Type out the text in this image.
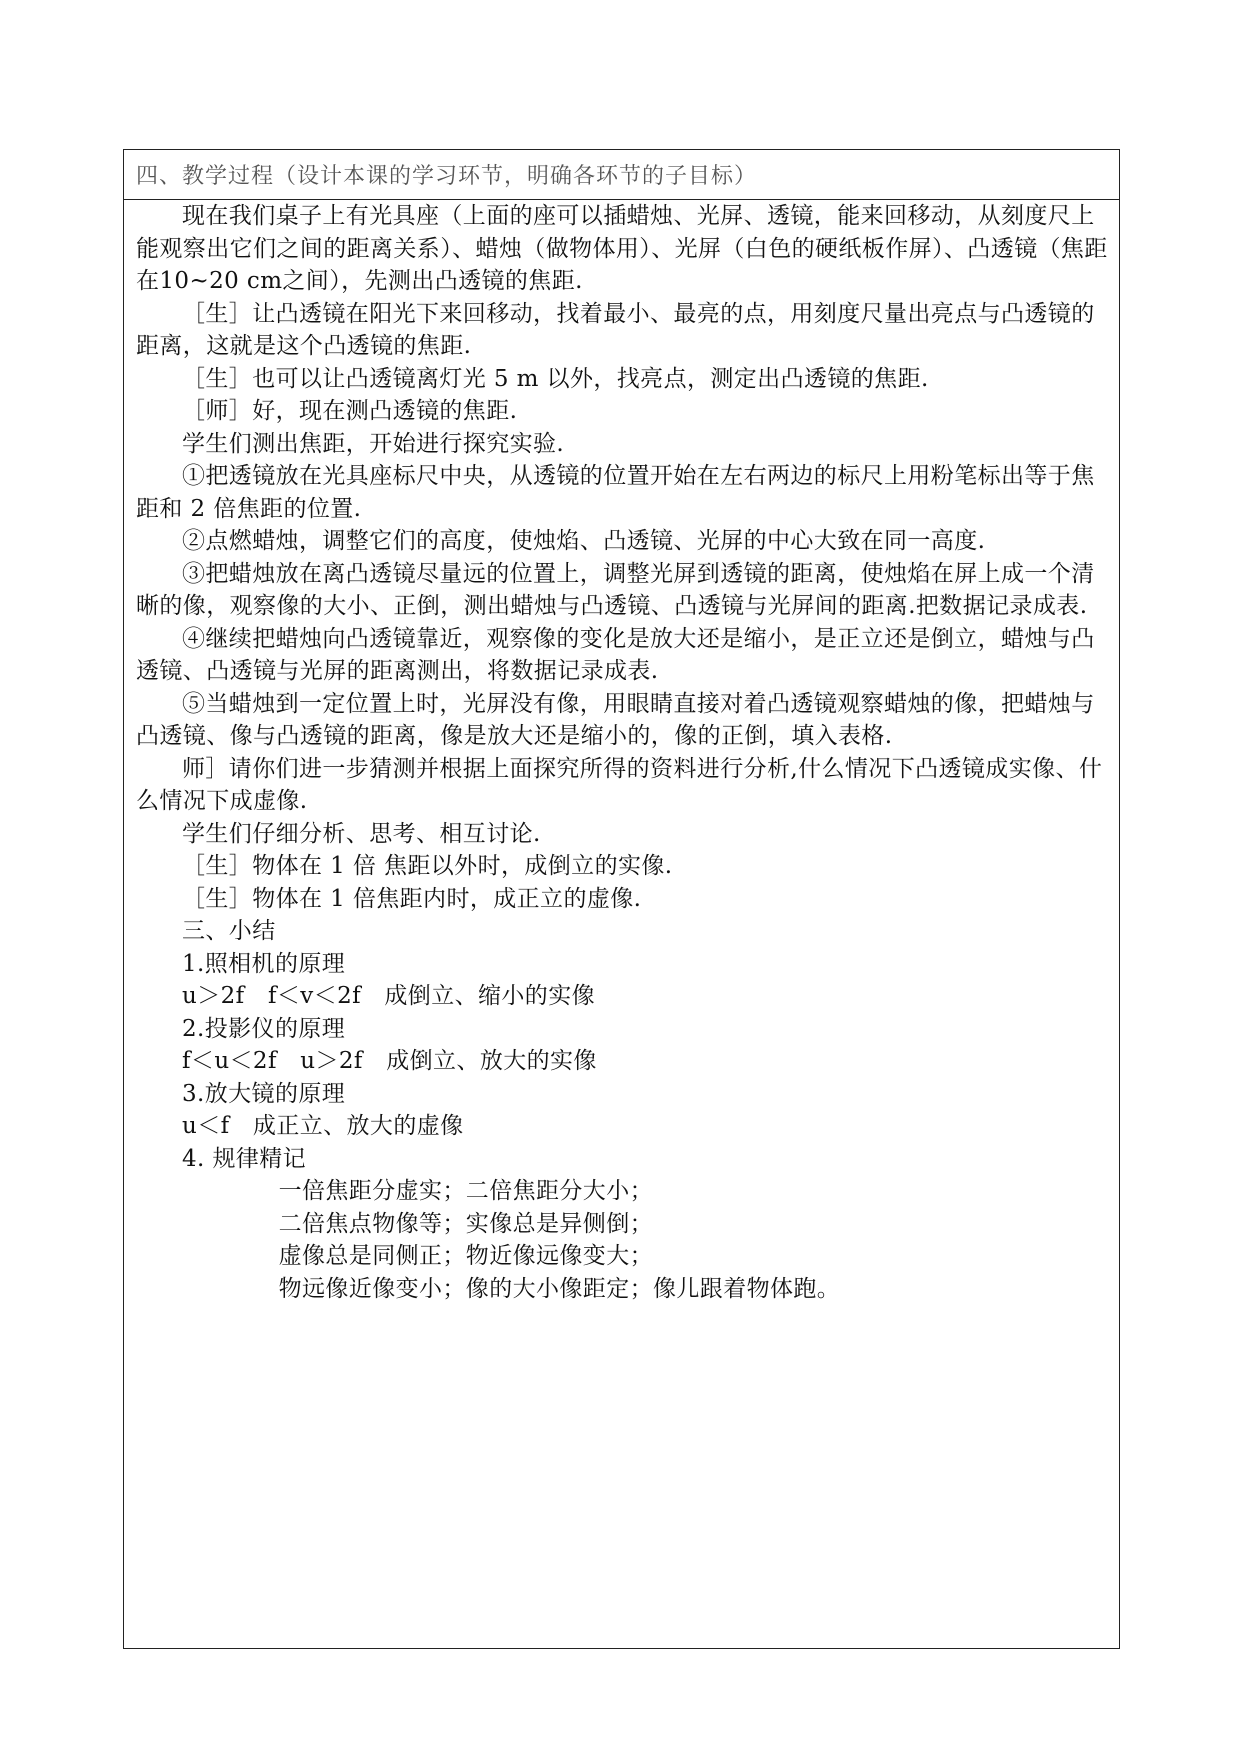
四、教学过程（设计本课的学习环节，明确各环节的子目标）

现在我们桌子上有光具座（上面的座可以插蜡烛、光屏、透镜，能来回移动，从刻度尺上能观察出它们之间的距离关系）、蜡烛（做物体用）、光屏（白色的硬纸板作屏）、凸透镜（焦距在10~20 cm之间），先测出凸透镜的焦距.

［生］让凸透镜在阳光下来回移动，找着最小、最亮的点，用刻度尺量出亮点与凸透镜的距离，这就是这个凸透镜的焦距.

［生］也可以让凸透镜离灯光 5 m 以外，找亮点，测定出凸透镜的焦距.

［师］好，现在测凸透镜的焦距.

学生们测出焦距，开始进行探究实验.

①把透镜放在光具座标尺中央，从透镜的位置开始在左右两边的标尺上用粉笔标出等于焦距和 2 倍焦距的位置.

②点燃蜡烛，调整它们的高度，使烛焰、凸透镜、光屏的中心大致在同一高度.

③把蜡烛放在离凸透镜尽量远的位置上，调整光屏到透镜的距离，使烛焰在屏上成一个清晰的像，观察像的大小、正倒，测出蜡烛与凸透镜、凸透镜与光屏间的距离.把数据记录成表.

④继续把蜡烛向凸透镜靠近，观察像的变化是放大还是缩小，是正立还是倒立，蜡烛与凸透镜、凸透镜与光屏的距离测出，将数据记录成表.

⑤当蜡烛到一定位置上时，光屏没有像，用眼睛直接对着凸透镜观察蜡烛的像，把蜡烛与凸透镜、像与凸透镜的距离，像是放大还是缩小的，像的正倒，填入表格.

师］请你们进一步猜测并根据上面探究所得的资料进行分析,什么情况下凸透镜成实像、什么情况下成虚像.

学生们仔细分析、思考、相互讨论.

［生］物体在 1 倍 焦距以外时，成倒立的实像.

［生］物体在 1 倍焦距内时，成正立的虚像.

三、小结

1.照相机的原理

u＞2f　f＜v＜2f　成倒立、缩小的实像

2.投影仪的原理

f＜u＜2f　u＞2f　成倒立、放大的实像

3.放大镜的原理

u＜f　成正立、放大的虚像

4. 规律精记

一倍焦距分虚实；二倍焦距分大小；

二倍焦点物像等；实像总是异侧倒；

虚像总是同侧正；物近像远像变大；

物远像近像变小；像的大小像距定；像儿跟着物体跑。
